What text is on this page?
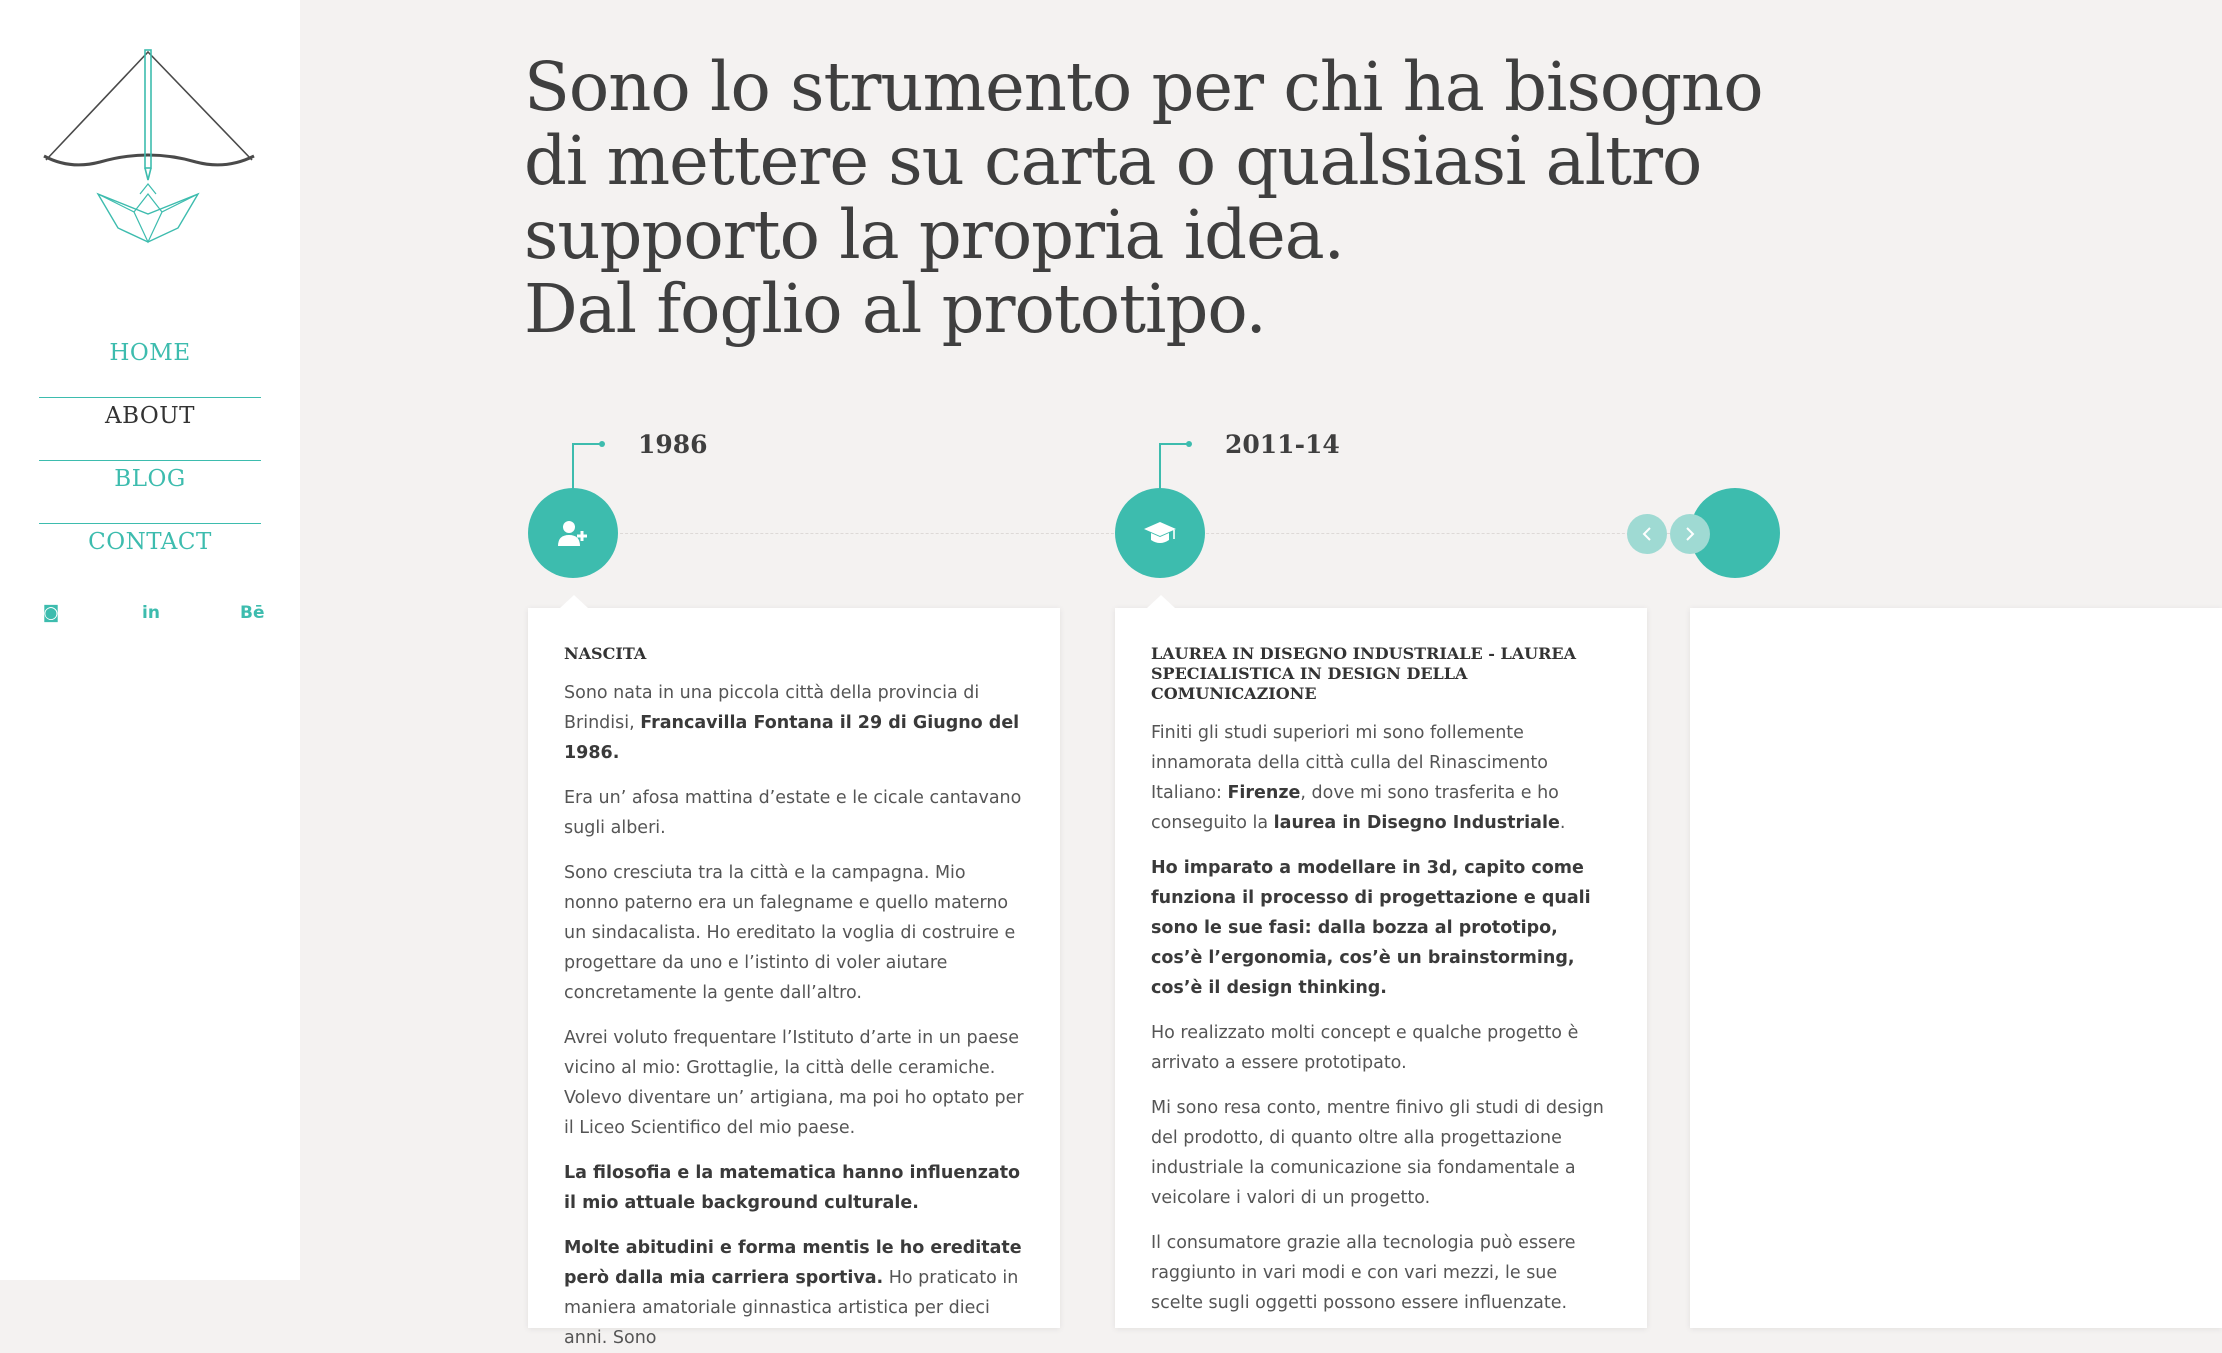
HOME
ABOUT
BLOG
CONTACT
◙	in	Bē
Sono lo strumento per chi ha bisogno
di mettere su carta o qualsiasi altro
supporto la propria idea.
Dal foglio al prototipo.
1986
NASCITA

Sono nata in una piccola città della provincia di Brindisi, Francavilla Fontana il 29 di Giugno del 1986.

Era un’ afosa mattina d’estate e le cicale cantavano sugli alberi.

Sono cresciuta tra la città e la campagna. Mio nonno paterno era un falegname e quello materno un sindacalista. Ho ereditato la voglia di costruire e progettare da uno e l’istinto di voler aiutare concretamente la gente dall’altro.

Avrei voluto frequentare l’Istituto d’arte in un paese vicino al mio: Grottaglie, la città delle ceramiche. Volevo diventare un’ artigiana, ma poi ho optato per il Liceo Scientifico del mio paese.

La filosofia e la matematica hanno influenzato il mio attuale background culturale.

Molte abitudini e forma mentis le ho ereditate però dalla mia carriera sportiva. Ho praticato in maniera amatoriale ginnastica artistica per dieci anni. Sono

2011-14
LAUREA IN DISEGNO INDUSTRIALE - LAUREA SPECIALISTICA IN DESIGN DELLA COMUNICAZIONE

Finiti gli studi superiori mi sono follemente innamorata della città culla del Rinascimento Italiano: Firenze, dove mi sono trasferita e ho conseguito la laurea in Disegno Industriale.

Ho imparato a modellare in 3d, capito come funziona il processo di progettazione e quali sono le sue fasi: dalla bozza al prototipo, cos’è l’ergonomia, cos’è un brainstorming, cos’è il design thinking.

Ho realizzato molti concept e qualche progetto è arrivato a essere prototipato.

Mi sono resa conto, mentre finivo gli studi di design del prodotto, di quanto oltre alla progettazione industriale la comunicazione sia fondamentale a veicolare i valori di un progetto.

Il consumatore grazie alla tecnologia può essere raggiunto in vari modi e con vari mezzi, le sue scelte sugli oggetti possono essere influenzate.
